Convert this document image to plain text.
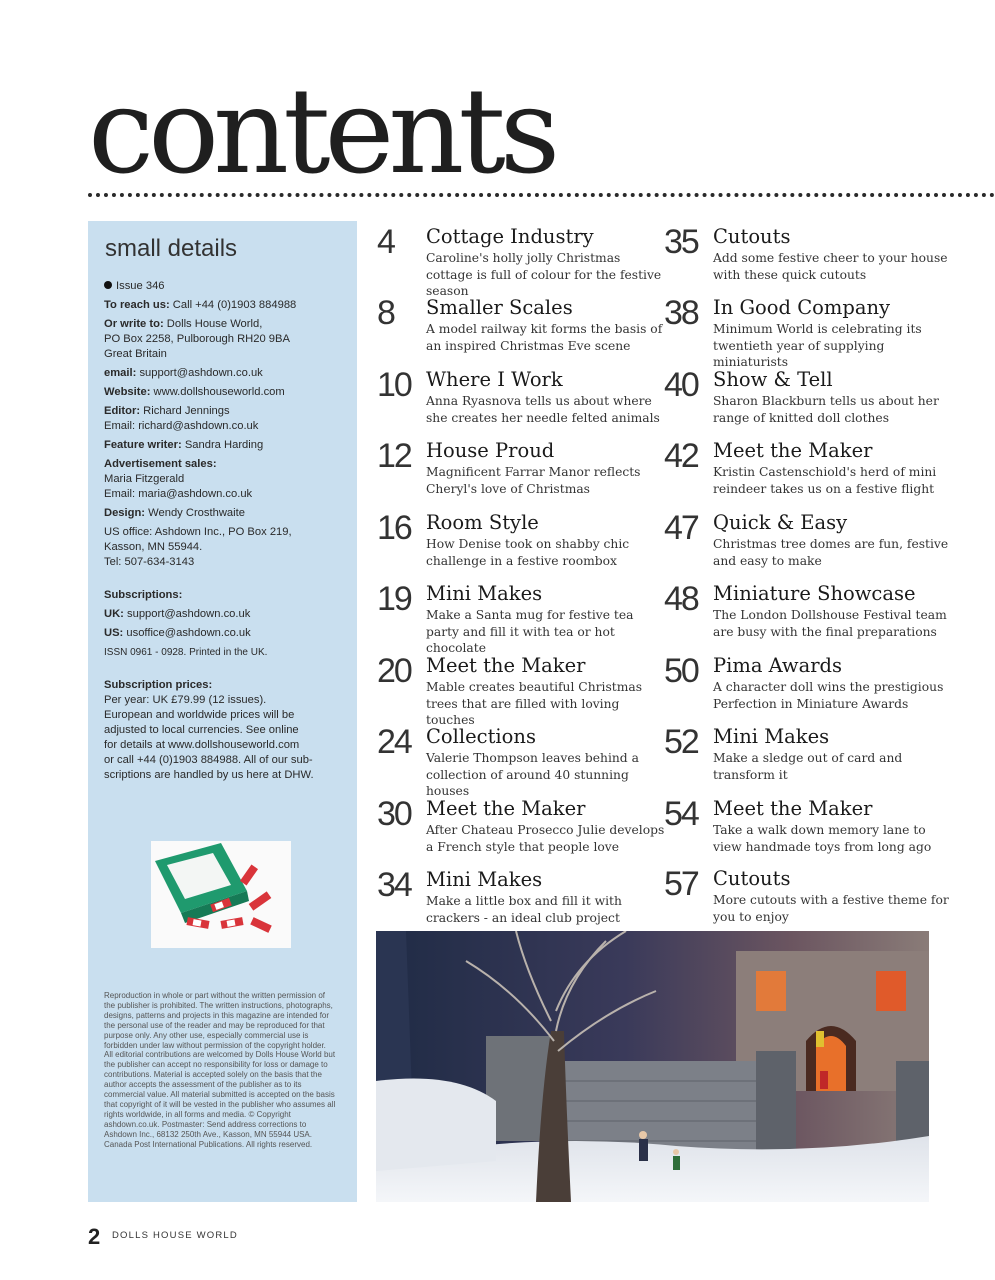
contents
small details

Issue 346

To reach us: Call +44 (0)1903 884988

Or write to: Dolls House World,
PO Box 2258, Pulborough RH20 9BA
Great Britain

email: support@ashdown.co.uk

Website: www.dollshouseworld.com

Editor: Richard Jennings
Email: richard@ashdown.co.uk

Feature writer: Sandra Harding

Advertisement sales:
Maria Fitzgerald
Email: maria@ashdown.co.uk

Design: Wendy Crosthwaite

US office: Ashdown Inc., PO Box 219,
Kasson, MN 55944.
Tel: 507-634-3143

Subscriptions:

UK: support@ashdown.co.uk

US: usoffice@ashdown.co.uk

ISSN 0961 - 0928. Printed in the UK.

Subscription prices:
Per year: UK £79.99 (12 issues).
European and worldwide prices will be
adjusted to local currencies. See online
for details at www.dollshouseworld.com
or call +44 (0)1903 884988. All of our sub-
scriptions are handled by us here at DHW.

Reproduction in whole or part without the written permission of the publisher is prohibited. The written instructions, photographs, designs, patterns and projects in this magazine are intended for the personal use of the reader and may be reproduced for that purpose only. Any other use, especially commercial use is forbidden under law without permission of the copyright holder. All editorial contributions are welcomed by Dolls House World but the publisher can accept no responsibility for loss or damage to contributions. Material is accepted solely on the basis that the author accepts the assessment of the publisher as to its commercial value. All material submitted is accepted on the basis that copyright of it will be vested in the publisher who assumes all rights worldwide, in all forms and media. © Copyright ashdown.co.uk. Postmaster: Send address corrections to Ashdown Inc., 68132 250th Ave., Kasson, MN 55944 USA. Canada Post International Publications. All rights reserved.
4 Cottage Industry
Caroline's holly jolly Christmas cottage is full of colour for the festive season
8 Smaller Scales
A model railway kit forms the basis of an inspired Christmas Eve scene
10 Where I Work
Anna Ryasnova tells us about where she creates her needle felted animals
12 House Proud
Magnificent Farrar Manor reflects Cheryl's love of Christmas
16 Room Style
How Denise took on shabby chic challenge in a festive roombox
19 Mini Makes
Make a Santa mug for festive tea party and fill it with tea or hot chocolate
20 Meet the Maker
Mable creates beautiful Christmas trees that are filled with loving touches
24 Collections
Valerie Thompson leaves behind a collection of around 40 stunning houses
30 Meet the Maker
After Chateau Prosecco Julie develops a French style that people love
34 Mini Makes
Make a little box and fill it with crackers - an ideal club project
35 Cutouts
Add some festive cheer to your house with these quick cutouts
38 In Good Company
Minimum World is celebrating its twentieth year of supplying miniaturists
40 Show & Tell
Sharon Blackburn tells us about her range of knitted doll clothes
42 Meet the Maker
Kristin Castenschiold's herd of mini reindeer takes us on a festive flight
47 Quick & Easy
Christmas tree domes are fun, festive and easy to make
48 Miniature Showcase
The London Dollshouse Festival team are busy with the final preparations
50 Pima Awards
A character doll wins the prestigious Perfection in Miniature Awards
52 Mini Makes
Make a sledge out of card and transform it
54 Meet the Maker
Take a walk down memory lane to view handmade toys from long ago
57 Cutouts
More cutouts with a festive theme for you to enjoy
2 DOLLS HOUSE WORLD
